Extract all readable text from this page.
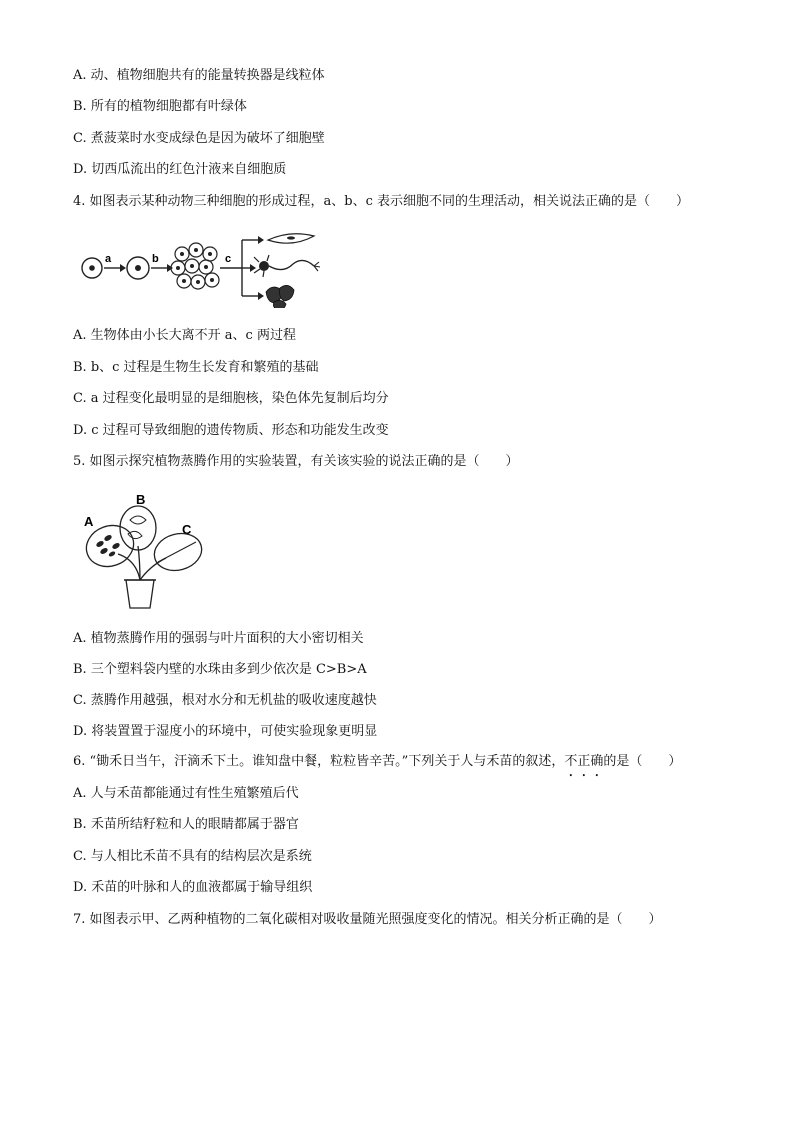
A. 动、植物细胞共有的能量转换器是线粒体
B. 所有的植物细胞都有叶绿体
C. 煮菠菜时水变成绿色是因为破坏了细胞壁
D. 切西瓜流出的红色汁液来自细胞质
4. 如图表示某种动物三种细胞的形成过程，a、b、c 表示细胞不同的生理活动，相关说法正确的是（　　）
a	b	c
A. 生物体由小长大离不开 a、c 两过程
B. b、c 过程是生物生长发育和繁殖的基础
C. a 过程变化最明显的是细胞核，染色体先复制后均分
D. c 过程可导致细胞的遗传物质、形态和功能发生改变
5. 如图示探究植物蒸腾作用的实验装置，有关该实验的说法正确的是（　　）
A
B
C
A. 植物蒸腾作用的强弱与叶片面积的大小密切相关
B. 三个塑料袋内壁的水珠由多到少依次是 C>B>A
C. 蒸腾作用越强，根对水分和无机盐的吸收速度越快
D. 将装置置于湿度小的环境中，可使实验现象更明显
6. “锄禾日当午，汗滴禾下土。谁知盘中餐，粒粒皆辛苦。”下列关于人与禾苗的叙述，不正确的是（　　）
A. 人与禾苗都能通过有性生殖繁殖后代
B. 禾苗所结籽粒和人的眼睛都属于器官
C. 与人相比禾苗不具有的结构层次是系统
D. 禾苗的叶脉和人的血液都属于输导组织
7. 如图表示甲、乙两种植物的二氧化碳相对吸收量随光照强度变化的情况。相关分析正确的是（　　）
